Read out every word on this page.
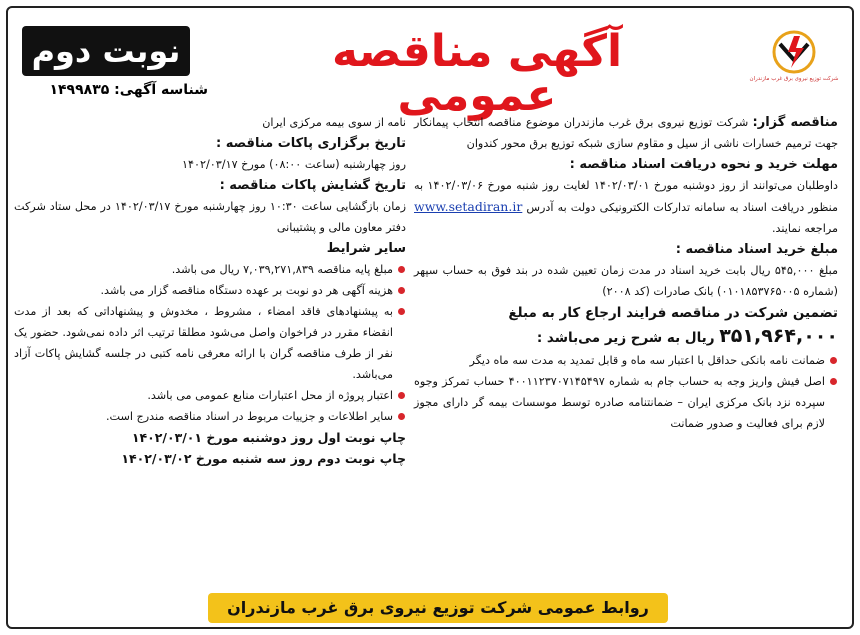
شرکت توزیع نیروی برق غرب مازندران
آگهی مناقصه عمومی
نوبت دوم
شناسه آگهی: ۱۴۹۹۸۳۵
مناقصه گزار: شرکت توزیع نیروی برق غرب مازندران موضوع مناقصه انتخاب پیمانکار جهت ترمیم خسارات ناشی از سیل و مقاوم سازی شبکه توزیع برق محور کندوان
مهلت خرید و نحوه دریافت اسناد مناقصه :
داوطلبان می‌توانند از روز دوشنبه مورخ ۱۴۰۲/۰۳/۰۱ لغایت روز شنبه مورخ ۱۴۰۲/۰۳/۰۶ به منظور دریافت اسناد به سامانه تدارکات الکترونیکی دولت به آدرس www.setadiran.ir مراجعه نمایند.
مبلغ خرید اسناد مناقصه :
مبلغ ۵۴۵,۰۰۰ ریال بابت خرید اسناد در مدت زمان تعیین شده در بند فوق به حساب سپهر (شماره ۰۱۰۱۸۵۳۷۶۵۰۰۵) بانک صادرات (کد ۲۰۰۸)
تضمین شرکت در مناقصه فرایند ارجاع کار به مبلغ
۳۵۱,۹۶۴,۰۰۰ ریال به شرح زیر می‌باشد :
ضمانت نامه بانکی حداقل با اعتبار سه ماه و قابل تمدید به مدت سه ماه دیگر
اصل فیش واریز وجه به حساب جام به شماره ۴۰۰۱۱۲۳۷۰۷۱۴۵۴۹۷ حساب تمرکز وجوه سپرده نزد بانک مرکزی ایران – ضمانتنامه صادره توسط موسسات بیمه گر دارای مجوز لازم برای فعالیت و صدور ضمانت
نامه از سوی بیمه مرکزی ایران
تاریخ برگزاری پاکات مناقصه :
روز چهارشنبه (ساعت ۰۸:۰۰) مورخ ۱۴۰۲/۰۳/۱۷
تاریخ گشایش پاکات مناقصه :
زمان بازگشایی ساعت ۱۰:۳۰ روز چهارشنبه مورخ ۱۴۰۲/۰۳/۱۷ در محل ستاد شرکت دفتر معاون مالی و پشتیبانی
سایر شرایط
مبلغ پایه مناقصه ۷,۰۳۹,۲۷۱,۸۳۹ ریال می باشد.
هزینه آگهی هر دو نوبت بر عهده دستگاه مناقصه گزار می باشد.
به پیشنهادهای فاقد امضاء ، مشروط ، مخدوش و پیشنهاداتی که بعد از مدت انقضاء مقرر در فراخوان واصل می‌شود مطلقا ترتیب اثر داده نمی‌شود. حضور یک نفر از طرف مناقصه گران با ارائه معرفی نامه کتبی در جلسه گشایش پاکات آزاد می‌باشد.
اعتبار پروژه از محل اعتبارات منابع عمومی می باشد.
سایر اطلاعات و جزییات مربوط در اسناد مناقصه مندرج است.
چاپ نوبت اول روز دوشنبه مورخ ۱۴۰۲/۰۳/۰۱
چاپ نوبت دوم روز سه شنبه مورخ ۱۴۰۲/۰۳/۰۲
روابط عمومی شرکت توزیع نیروی برق غرب مازندران
